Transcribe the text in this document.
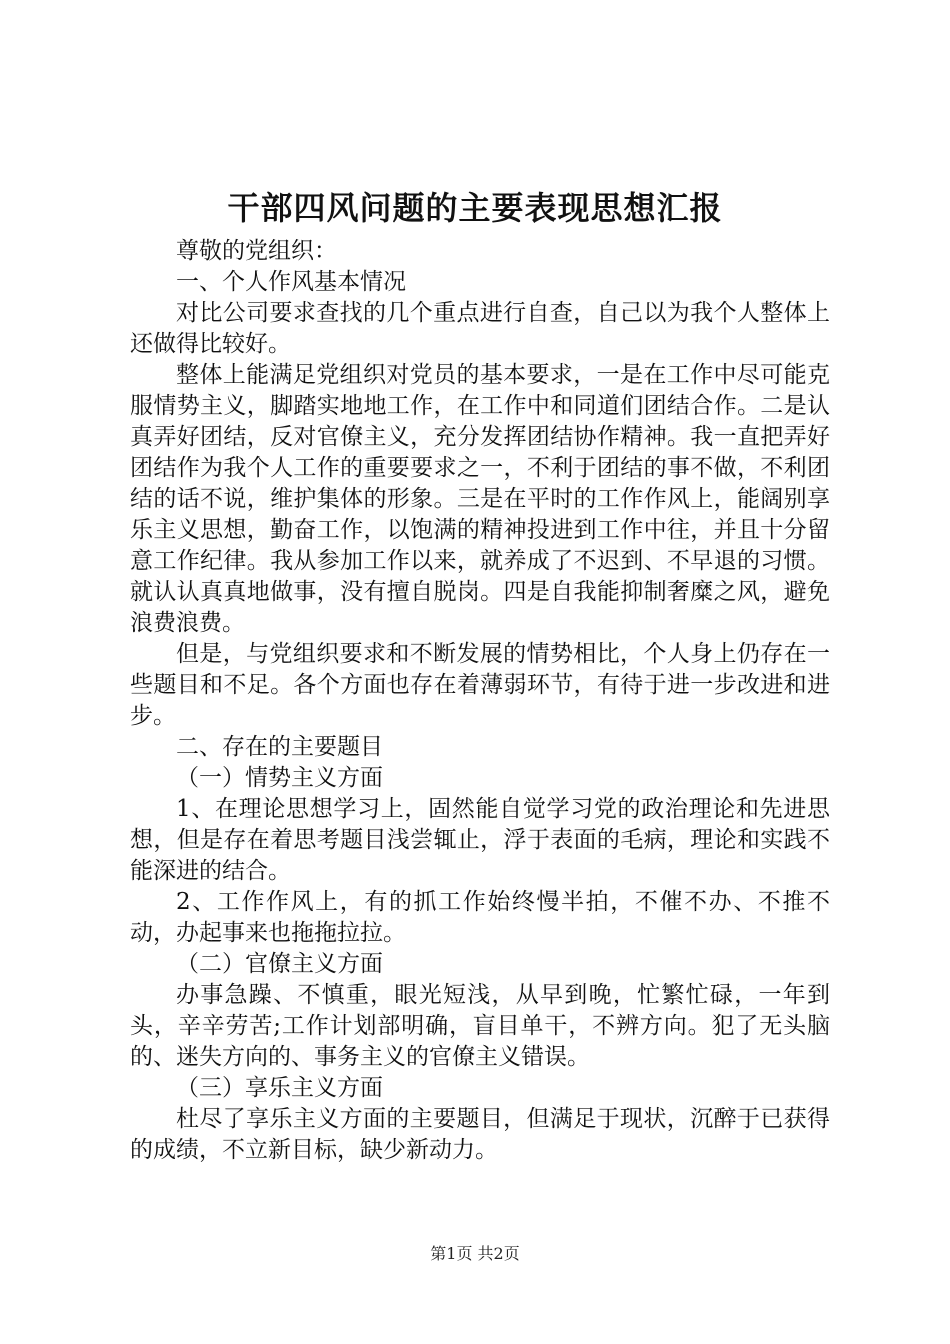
干部四风问题的主要表现思想汇报

尊敬的党组织：

一、个人作风基本情况

对比公司要求查找的几个重点进行自查，自己以为我个人整体上还做得比较好。

整体上能满足党组织对党员的基本要求，一是在工作中尽可能克服情势主义，脚踏实地地工作，在工作中和同道们团结合作。二是认真弄好团结，反对官僚主义，充分发挥团结协作精神。我一直把弄好团结作为我个人工作的重要要求之一，不利于团结的事不做，不利团结的话不说，维护集体的形象。三是在平时的工作作风上，能阔别享乐主义思想，勤奋工作，以饱满的精神投进到工作中往，并且十分留意工作纪律。我从参加工作以来，就养成了不迟到、不早退的习惯。就认认真真地做事，没有擅自脱岗。四是自我能抑制奢糜之风，避免浪费浪费。

但是，与党组织要求和不断发展的情势相比，个人身上仍存在一些题目和不足。各个方面也存在着薄弱环节，有待于进一步改进和进步。

二、存在的主要题目

（一）情势主义方面

1、在理论思想学习上，固然能自觉学习党的政治理论和先进思想，但是存在着思考题目浅尝辄止，浮于表面的毛病，理论和实践不能深进的结合。

2、工作作风上，有的抓工作始终慢半拍，不催不办、不推不动，办起事来也拖拖拉拉。

（二）官僚主义方面

办事急躁、不慎重，眼光短浅，从早到晚，忙繁忙碌，一年到头，辛辛劳苦;工作计划部明确，盲目单干，不辨方向。犯了无头脑的、迷失方向的、事务主义的官僚主义错误。

（三）享乐主义方面

杜尽了享乐主义方面的主要题目，但满足于现状，沉醉于已获得的成绩，不立新目标，缺少新动力。

第1页 共2页
